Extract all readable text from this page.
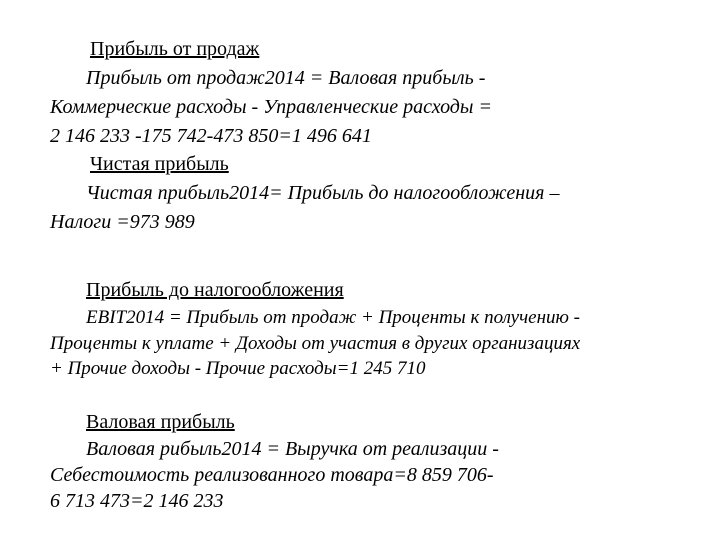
Прибыль от продаж
Прибыль от продаж2014 = Валовая прибыль -
Коммерческие расходы - Управленческие расходы =
2 146 233 -175 742-473 850=1 496 641
Чистая прибыль
Чистая прибыль2014= Прибыль до налогообложения –
Налоги =973 989
Прибыль до налогообложения
EBIT2014 = Прибыль от продаж + Проценты к получению -
Проценты к уплате + Доходы от участия в других организациях
+ Прочие доходы - Прочие расходы=1 245 710
Валовая прибыль
Валовая рибыль2014 = Выручка от реализации -
Себестоимость реализованного товара=8 859 706-
6 713 473=2 146 233
